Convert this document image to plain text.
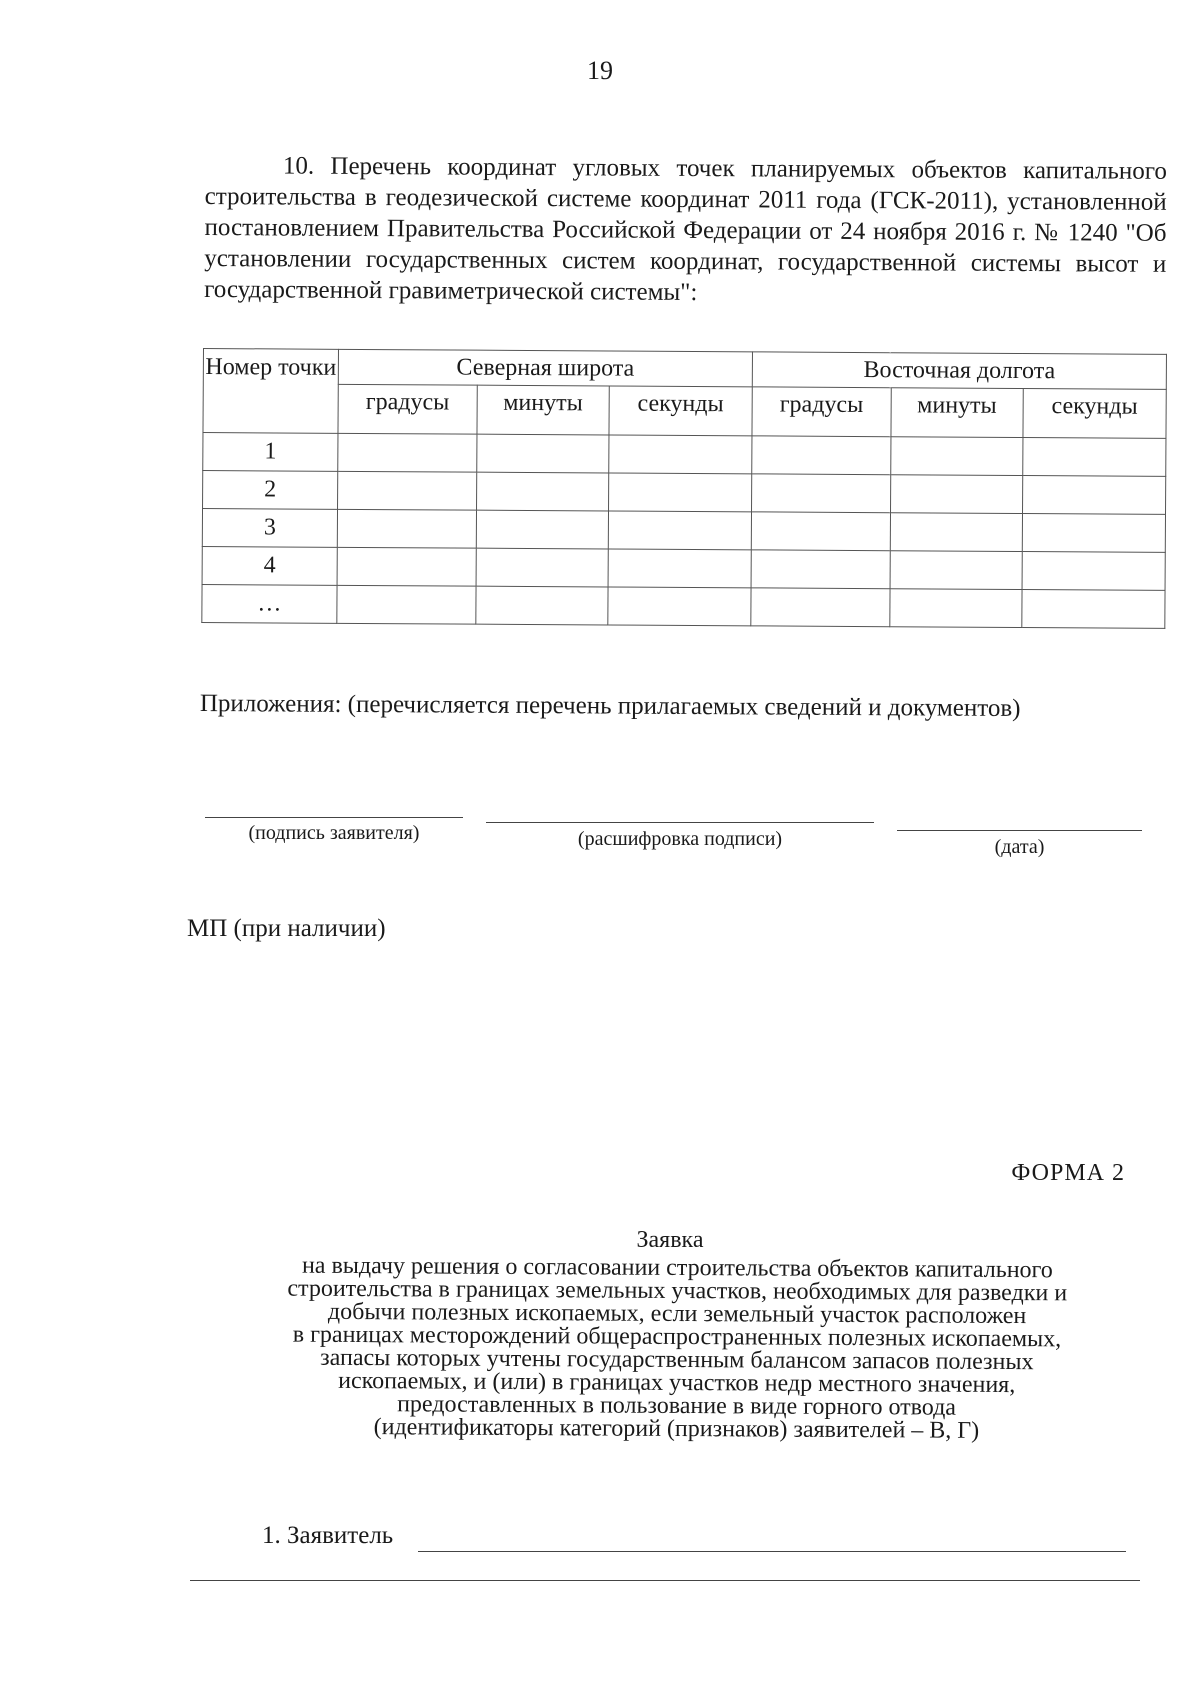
19

10. Перечень координат угловых точек планируемых объектов капитального строительства в геодезической системе координат 2011 года (ГСК-2011), установленной постановлением Правительства Российской Федерации от 24 ноября 2016 г. № 1240 "Об установлении государственных систем координат, государственной системы высот и государственной гравиметрической системы":

Номер точки	Северная широта			Восточная долгота		
	градусы	минуты	секунды	градусы	минуты	секунды
1						
2						
3						
4						
…						
Приложения: (перечисляется перечень прилагаемых сведений и документов)
(подпись заявителя)	(расшифровка подписи)	(дата)
МП (при наличии)
ФОРМА 2
Заявка
на выдачу решения о согласовании строительства объектов капитального
строительства в границах земельных участков, необходимых для разведки и
добычи полезных ископаемых, если земельный участок расположен
в границах месторождений общераспространенных полезных ископаемых,
запасы которых учтены государственным балансом запасов полезных
ископаемых, и (или) в границах участков недр местного значения,
предоставленных в пользование в виде горного отвода
(идентификаторы категорий (признаков) заявителей – В, Г)
1. Заявитель
